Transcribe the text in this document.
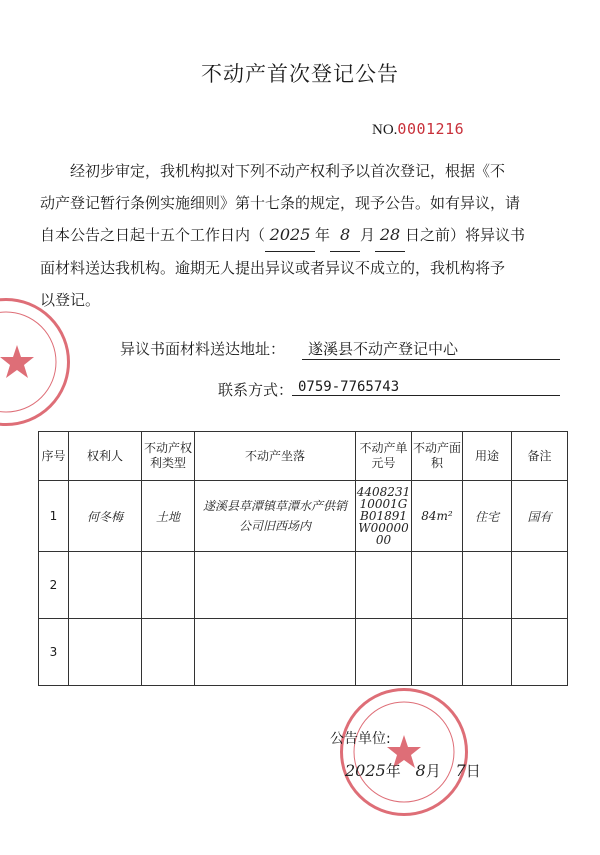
不动产首次登记公告
NO.0001216
经初步审定，我机构拟对下列不动产权利予以首次登记，根据《不
动产登记暂行条例实施细则》第十七条的规定，现予公告。如有异议，请
自本公告之日起十五个工作日内（ 2025 年 8 月 28 日之前）将异议书
面材料送达我机构。逾期无人提出异议或者异议不成立的，我机构将予
以登记。
异议书面材料送达地址：	遂溪县不动产登记中心
联系方式： 0759-7765743
序号	权利人	不动产权利类型	不动产坐落	不动产单元号	不动产面 积	用途	备注
1	何冬梅	土地	遂溪县草潭镇草潭水产供销公司旧西场内	440823110001GB01891W0000000	84m²	住宅	国有
2							
3							
公告单位:
2025年 8月 7日
